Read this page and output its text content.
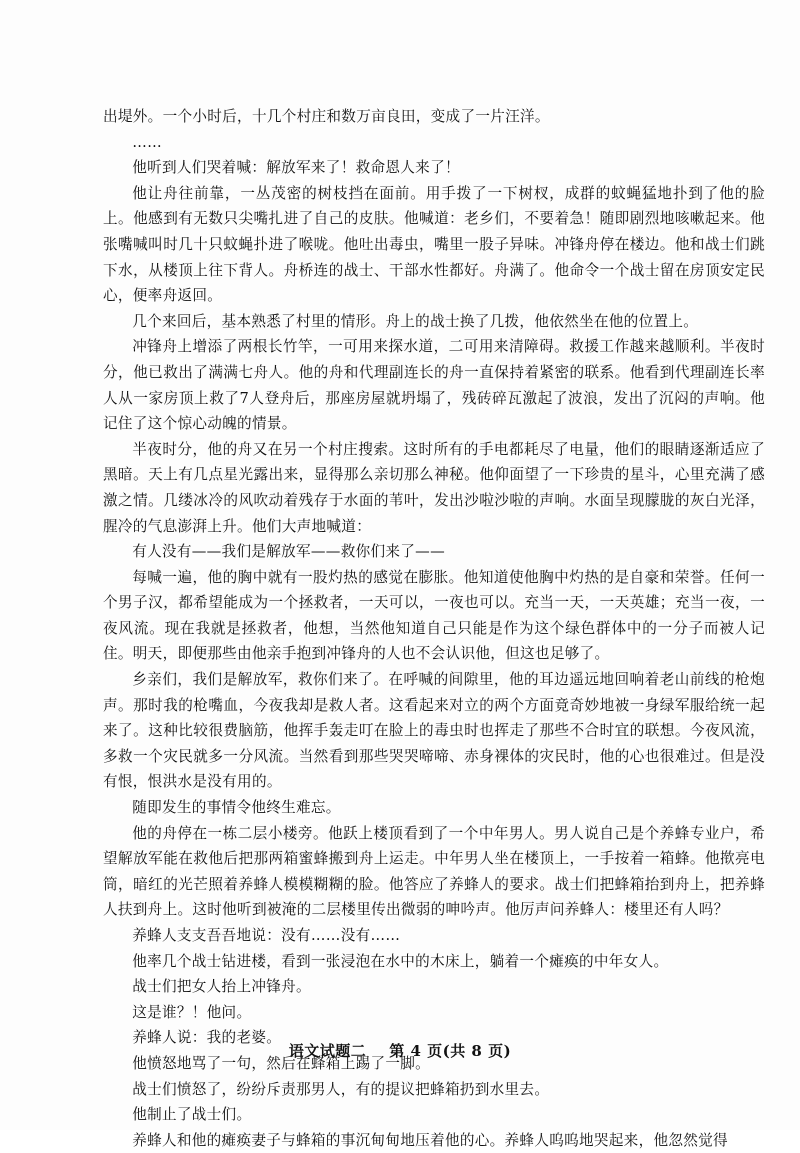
出堤外。一个小时后，十几个村庄和数万亩良田，变成了一片汪洋。

……

他听到人们哭着喊：解放军来了！救命恩人来了！

他让舟往前靠，一丛茂密的树枝挡在面前。用手拨了一下树杈，成群的蚊蝇猛地扑到了他的脸上。他感到有无数只尖嘴扎进了自己的皮肤。他喊道：老乡们，不要着急！随即剧烈地咳嗽起来。他张嘴喊叫时几十只蚊蝇扑进了喉咙。他吐出毒虫，嘴里一股子异味。冲锋舟停在楼边。他和战士们跳下水，从楼顶上往下背人。舟桥连的战士、干部水性都好。舟满了。他命令一个战士留在房顶安定民心，便率舟返回。

几个来回后，基本熟悉了村里的情形。舟上的战士换了几拨，他依然坐在他的位置上。

冲锋舟上增添了两根长竹竿，一可用来探水道，二可用来清障碍。救援工作越来越顺利。半夜时分，他已救出了满满七舟人。他的舟和代理副连长的舟一直保持着紧密的联系。他看到代理副连长率人从一家房顶上救了7人登舟后，那座房屋就坍塌了，残砖碎瓦激起了波浪，发出了沉闷的声响。他记住了这个惊心动魄的情景。

半夜时分，他的舟又在另一个村庄搜索。这时所有的手电都耗尽了电量，他们的眼睛逐渐适应了黑暗。天上有几点星光露出来，显得那么亲切那么神秘。他仰面望了一下珍贵的星斗，心里充满了感激之情。几缕冰冷的风吹动着残存于水面的苇叶，发出沙啦沙啦的声响。水面呈现朦胧的灰白光泽，腥冷的气息澎湃上升。他们大声地喊道：

有人没有——我们是解放军——救你们来了——

每喊一遍，他的胸中就有一股灼热的感觉在膨胀。他知道使他胸中灼热的是自豪和荣誉。任何一个男子汉，都希望能成为一个拯救者，一天可以，一夜也可以。充当一天，一天英雄；充当一夜，一夜风流。现在我就是拯救者，他想，当然他知道自己只能是作为这个绿色群体中的一分子而被人记住。明天，即便那些由他亲手抱到冲锋舟的人也不会认识他，但这也足够了。

乡亲们，我们是解放军，救你们来了。在呼喊的间隙里，他的耳边遥远地回响着老山前线的枪炮声。那时我的枪嘴血，今夜我却是救人者。这看起来对立的两个方面竟奇妙地被一身绿军服给统一起来了。这种比较很费脑筋，他挥手轰走叮在脸上的毒虫时也挥走了那些不合时宜的联想。今夜风流，多救一个灾民就多一分风流。当然看到那些哭哭啼啼、赤身裸体的灾民时，他的心也很难过。但是没有恨，恨洪水是没有用的。

随即发生的事情令他终生难忘。

他的舟停在一栋二层小楼旁。他跃上楼顶看到了一个中年男人。男人说自己是个养蜂专业户，希望解放军能在救他后把那两箱蜜蜂搬到舟上运走。中年男人坐在楼顶上，一手按着一箱蜂。他揿亮电筒，暗红的光芒照着养蜂人模模糊糊的脸。他答应了养蜂人的要求。战士们把蜂箱抬到舟上，把养蜂人扶到舟上。这时他听到被淹的二层楼里传出微弱的呻吟声。他厉声问养蜂人：楼里还有人吗？

养蜂人支支吾吾地说：没有……没有……

他率几个战士钻进楼，看到一张浸泡在水中的木床上，躺着一个瘫痪的中年女人。

战士们把女人抬上冲锋舟。

这是谁？！他问。

养蜂人说：我的老婆。

他愤怒地骂了一句，然后在蜂箱上踢了一脚。

战士们愤怒了，纷纷斥责那男人，有的提议把蜂箱扔到水里去。

他制止了战士们。

养蜂人和他的瘫痪妻子与蜂箱的事沉甸甸地压着他的心。养蜂人呜呜地哭起来，他忽然觉得

语文试题二 第 4 页(共 8 页)
